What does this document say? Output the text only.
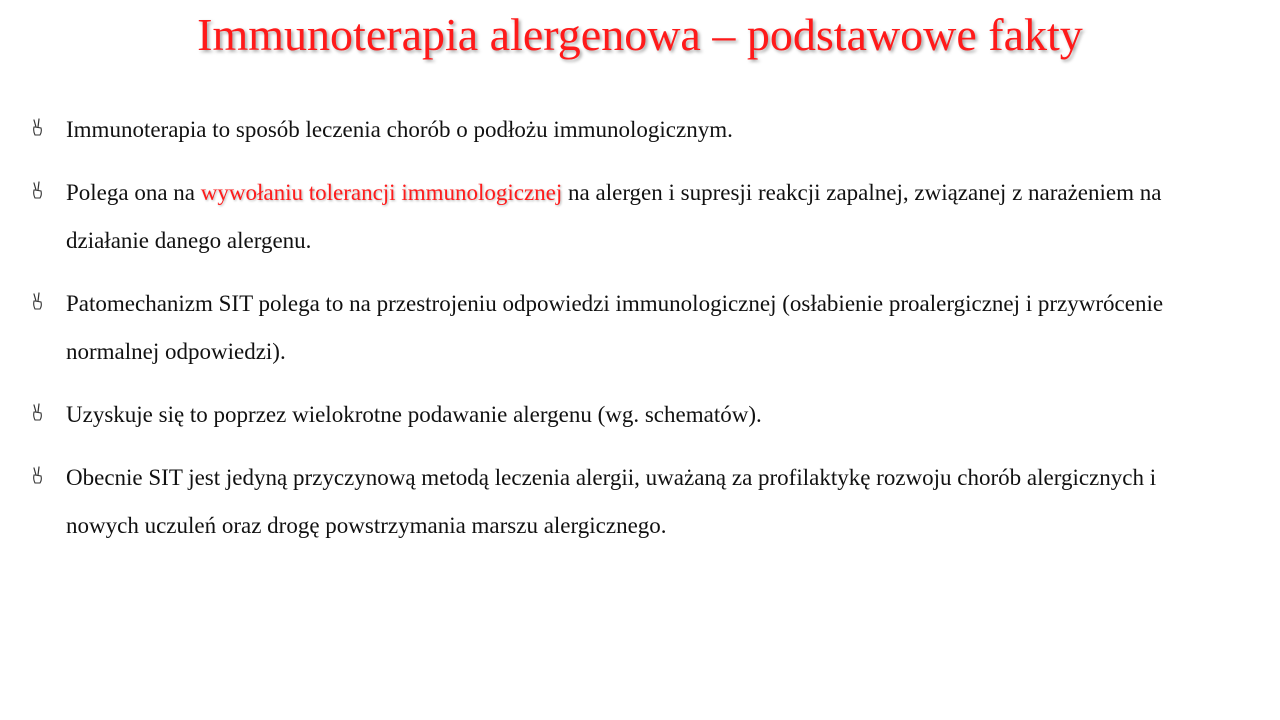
Immunoterapia alergenowa – podstawowe fakty
Immunoterapia to sposób leczenia chorób o podłożu immunologicznym.
Polega ona na wywołaniu tolerancji immunologicznej na alergen i supresji reakcji zapalnej, związanej z narażeniem na działanie danego alergenu.
Patomechanizm SIT polega to na przestrojeniu odpowiedzi immunologicznej (osłabienie proalergicznej i przywrócenie normalnej odpowiedzi).
Uzyskuje się to poprzez wielokrotne podawanie alergenu (wg. schematów).
Obecnie SIT jest jedyną przyczynową metodą leczenia alergii, uważaną za profilaktykę rozwoju chorób alergicznych i nowych uczuleń oraz drogę powstrzymania marszu alergicznego.
